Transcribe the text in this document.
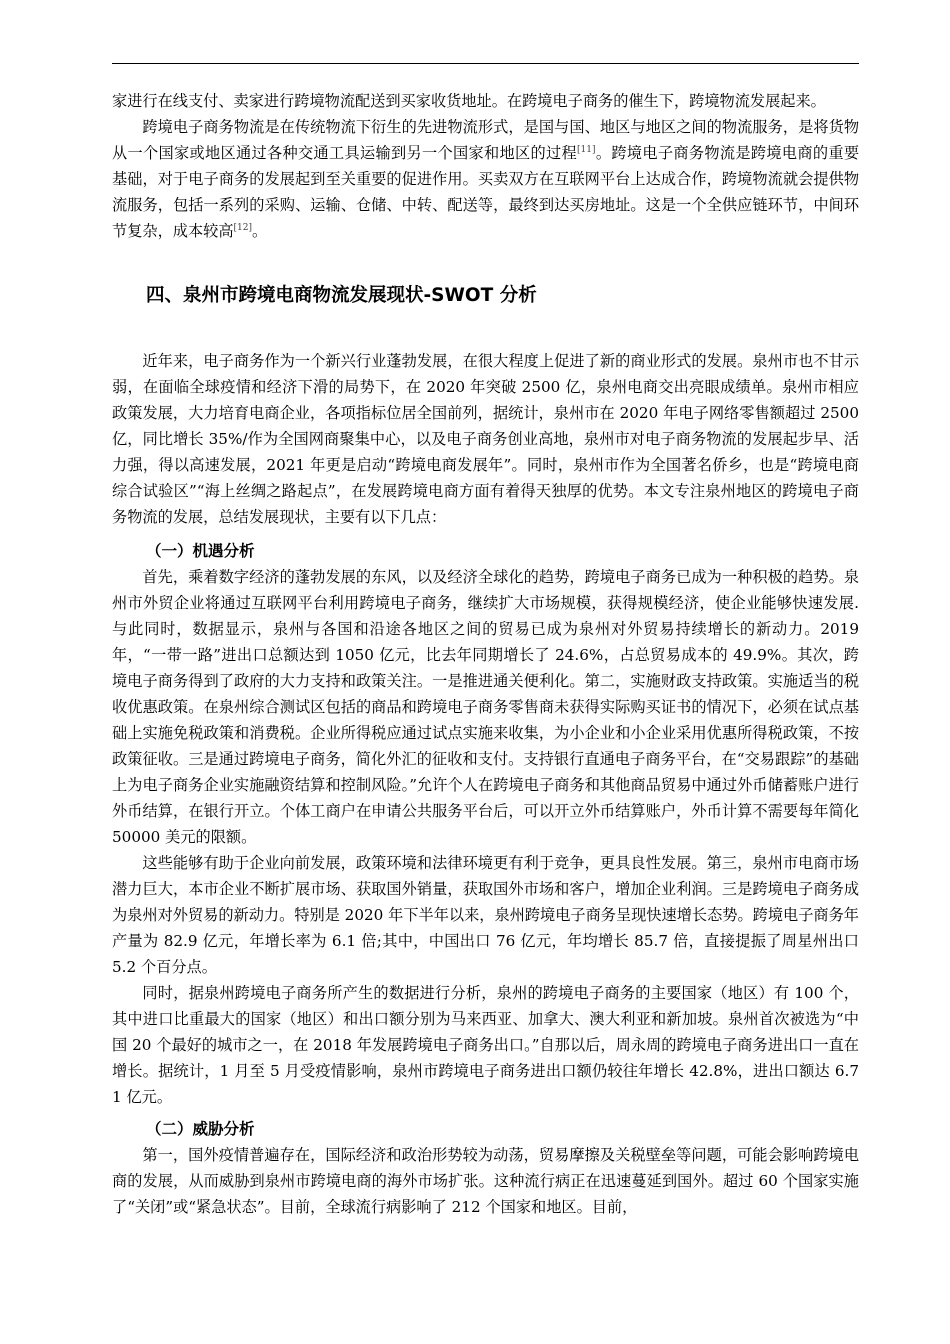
家进行在线支付、卖家进行跨境物流配送到买家收货地址。在跨境电子商务的催生下，跨境物流发展起来。

跨境电子商务物流是在传统物流下衍生的先进物流形式，是国与国、地区与地区之间的物流服务，是将货物从一个国家或地区通过各种交通工具运输到另一个国家和地区的过程[11]。跨境电子商务物流是跨境电商的重要基础，对于电子商务的发展起到至关重要的促进作用。买卖双方在互联网平台上达成合作，跨境物流就会提供物流服务，包括一系列的采购、运输、仓储、中转、配送等，最终到达买房地址。这是一个全供应链环节，中间环节复杂，成本较高[12]。

四、泉州市跨境电商物流发展现状-SWOT 分析

近年来，电子商务作为一个新兴行业蓬勃发展，在很大程度上促进了新的商业形式的发展。泉州市也不甘示弱，在面临全球疫情和经济下滑的局势下，在 2020 年突破 2500 亿，泉州电商交出亮眼成绩单。泉州市相应政策发展，大力培育电商企业，各项指标位居全国前列，据统计，泉州市在 2020 年电子网络零售额超过 2500 亿，同比增长 35%/作为全国网商聚集中心，以及电子商务创业高地，泉州市对电子商务物流的发展起步早、活力强，得以高速发展，2021 年更是启动“跨境电商发展年”。同时，泉州市作为全国著名侨乡，也是“跨境电商综合试验区”“海上丝绸之路起点”，在发展跨境电商方面有着得天独厚的优势。本文专注泉州地区的跨境电子商务物流的发展，总结发展现状，主要有以下几点：

（一）机遇分析

首先，乘着数字经济的蓬勃发展的东风，以及经济全球化的趋势，跨境电子商务已成为一种积极的趋势。泉州市外贸企业将通过互联网平台利用跨境电子商务，继续扩大市场规模，获得规模经济，使企业能够快速发展. 与此同时，数据显示，泉州与各国和沿途各地区之间的贸易已成为泉州对外贸易持续增长的新动力。2019 年，“一带一路”进出口总额达到 1050 亿元，比去年同期增长了 24.6%，占总贸易成本的 49.9%。其次，跨境电子商务得到了政府的大力支持和政策关注。一是推进通关便利化。第二，实施财政支持政策。实施适当的税收优惠政策。在泉州综合测试区包括的商品和跨境电子商务零售商未获得实际购买证书的情况下，必须在试点基础上实施免税政策和消费税。企业所得税应通过试点实施来收集，为小企业和小企业采用优惠所得税政策，不按政策征收。三是通过跨境电子商务，简化外汇的征收和支付。支持银行直通电子商务平台，在“交易跟踪”的基础上为电子商务企业实施融资结算和控制风险。”允许个人在跨境电子商务和其他商品贸易中通过外币储蓄账户进行外币结算，在银行开立。个体工商户在申请公共服务平台后，可以开立外币结算账户，外币计算不需要每年简化 50000 美元的限额。

这些能够有助于企业向前发展，政策环境和法律环境更有利于竞争，更具良性发展。第三，泉州市电商市场潜力巨大，本市企业不断扩展市场、获取国外销量，获取国外市场和客户，增加企业利润。三是跨境电子商务成为泉州对外贸易的新动力。特别是 2020 年下半年以来，泉州跨境电子商务呈现快速增长态势。跨境电子商务年产量为 82.9 亿元，年增长率为 6.1 倍;其中，中国出口 76 亿元，年均增长 85.7 倍，直接提振了周星州出口 5.2 个百分点。

同时，据泉州跨境电子商务所产生的数据进行分析，泉州的跨境电子商务的主要国家（地区）有 100 个，其中进口比重最大的国家（地区）和出口额分别为马来西亚、加拿大、澳大利亚和新加坡。泉州首次被选为“中国 20 个最好的城市之一，在 2018 年发展跨境电子商务出口。”自那以后，周永周的跨境电子商务进出口一直在增长。据统计，1 月至 5 月受疫情影响，泉州市跨境电子商务进出口额仍较往年增长 42.8%，进出口额达 6.71 亿元。

（二）威胁分析

第一，国外疫情普遍存在，国际经济和政治形势较为动荡，贸易摩擦及关税壁垒等问题，可能会影响跨境电商的发展，从而威胁到泉州市跨境电商的海外市场扩张。这种流行病正在迅速蔓延到国外。超过 60 个国家实施了“关闭”或“紧急状态”。目前，全球流行病影响了 212 个国家和地区。目前，
